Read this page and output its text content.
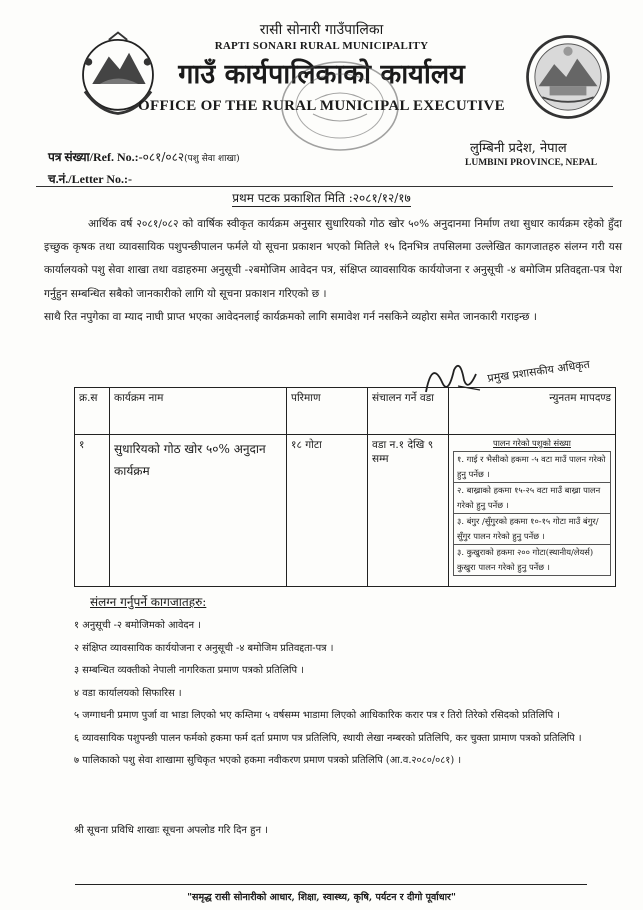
रासी सोनारी गाउँपालिका
RAPTI SONARI RURAL MUNICIPALITY
गाउँ कार्यपालिकाको कार्यालय
OFFICE OF THE RURAL MUNICIPAL EXECUTIVE
लुम्बिनी प्रदेश, नेपाल
LUMBINI PROVINCE, NEPAL
पत्र संख्या/Ref. No.:-०८१/०८२(पशु सेवा शाखा)
च.नं./Letter No.:-
प्रथम पटक प्रकाशित मिति :२०८१/१२/१७

आर्थिक वर्ष २०८१/०८२ को वार्षिक स्वीकृत कार्यक्रम अनुसार सुधारियको गोठ खोर ५०% अनुदानमा निर्माण तथा सुधार कार्यक्रम रहेको हुँदा इच्छुक कृषक तथा व्यावसायिक पशुपन्छीपालन फर्मले यो सूचना प्रकाशन भएको मितिले १५ दिनभित्र तपसिलमा उल्लेखित कागजातहरु संलग्न गरी यस कार्यालयको पशु सेवा शाखा तथा वडाहरुमा अनुसूची -२बमोजिम आवेदन पत्र, संक्षिप्त व्यावसायिक कार्ययोजना र अनुसूची -४ बमोजिम प्रतिवद्दता-पत्र पेश गर्नुहुन सम्बन्धित सबैको जानकारीको लागि यो सूचना प्रकाशन गरिएको छ ।

साथै रित नपुगेका वा म्याद नाघी प्राप्त भएका आवेदनलाई कार्यक्रमको लागि समावेश गर्न नसकिने व्यहोरा समेत जानकारी गराइन्छ ।

प्रमुख प्रशासकीय अधिकृत
क्र.स	कार्यक्रम नाम	परिमाण	संचालन गर्ने वडा	न्युनतम मापदण्ड
१	सुधारियको गोठ खोर ५०% अनुदान कार्यक्रम	१८ गोटा	वडा न.१ देखि ९ सम्म	पालन गरेको पशुको संख्या
१. गाई र भैसीको हकमा -५ वटा माउँ पालन गरेको हुनु पर्नेछ ।
२. बाख्राको हकमा १५-२५ वटा माउँ बाख्रा पालन गरेको हुनु पर्नेछ ।
३. बंगुर /सुँगुरको हकमा १०-१५ गोटा माउँ बंगुर/ सुँगुर पालन गरेको हुनु पर्नेछ ।
३. कुखुराको हकमा २०० गोटा(स्थानीय/लेयर्स) कुखुरा पालन गरेको हुनु पर्नेछ ।
संलग्न गर्नुपर्ने कागजातहरु:

१ अनुसूची -२ बमोजिमको आवेदन ।

२ संक्षिप्त व्यावसायिक कार्ययोजना र अनुसूची -४ बमोजिम प्रतिवद्दता-पत्र ।

३ सम्बन्धित व्यक्तीको नेपाली नागरिकता प्रमाण पत्रको प्रतिलिपि ।

४ वडा कार्यालयको सिफारिस ।

५ जग्गाधनी प्रमाण पुर्जा वा भाडा लिएको भए कम्तिमा ५ वर्षसम्म भाडामा लिएको आधिकारिक करार पत्र र तिरो तिरेको रसिदको प्रतिलिपि ।

६ व्यावसायिक पशुपन्छी पालन फर्मको हकमा फर्म दर्ता प्रमाण पत्र प्रतिलिपि, स्थायी लेखा नम्बरको प्रतिलिपि, कर चुक्ता प्रामाण पत्रको प्रतिलिपि ।

७ पालिकाको पशु सेवा शाखामा सुचिकृत भएको हकमा नवीकरण प्रमाण पत्रको प्रतिलिपि (आ.व.२०८०/०८१) ।

श्री सूचना प्रविधि शाखाः सूचना अपलोड गरि दिन हुन ।
"समृद्ध रासी सोनारीको आधार, शिक्षा, स्वास्थ्य, कृषि, पर्यटन र दीगो पूर्वाधार"
